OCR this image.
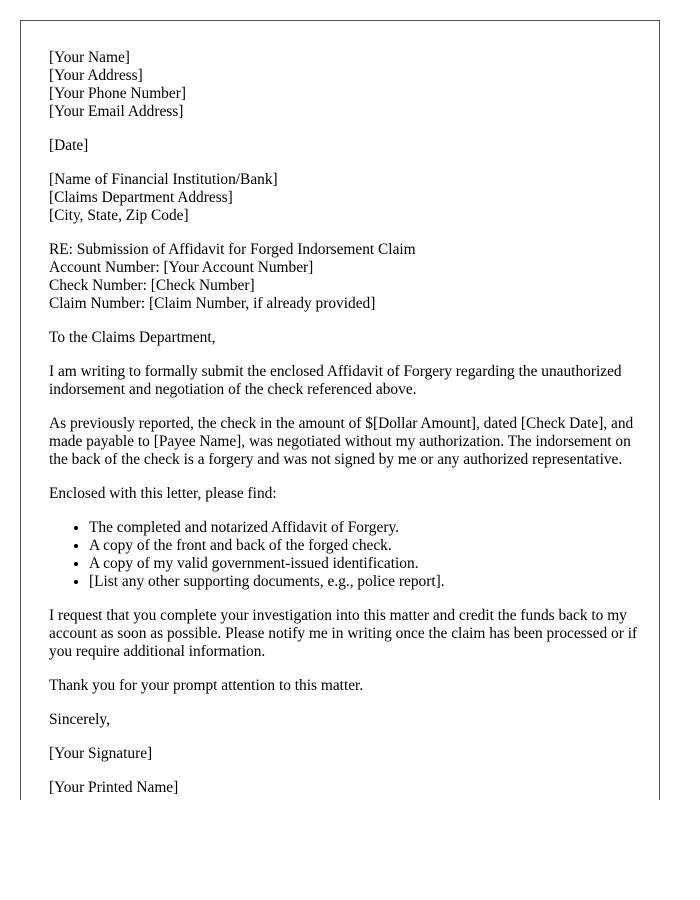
[Your Name]
[Your Address]
[Your Phone Number]
[Your Email Address]
[Date]
[Name of Financial Institution/Bank]
[Claims Department Address]
[City, State, Zip Code]
RE: Submission of Affidavit for Forged Indorsement Claim
Account Number: [Your Account Number]
Check Number: [Check Number]
Claim Number: [Claim Number, if already provided]

To the Claims Department,

I am writing to formally submit the enclosed Affidavit of Forgery regarding the unauthorized indorsement and negotiation of the check referenced above.

As previously reported, the check in the amount of $[Dollar Amount], dated [Check Date], and made payable to [Payee Name], was negotiated without my authorization. The indorsement on the back of the check is a forgery and was not signed by me or any authorized representative.

Enclosed with this letter, please find:

• The completed and notarized Affidavit of Forgery.
• A copy of the front and back of the forged check.
• A copy of my valid government-issued identification.
• [List any other supporting documents, e.g., police report].

I request that you complete your investigation into this matter and credit the funds back to my account as soon as possible. Please notify me in writing once the claim has been processed or if you require additional information.

Thank you for your prompt attention to this matter.

Sincerely,

[Your Signature]

[Your Printed Name]
